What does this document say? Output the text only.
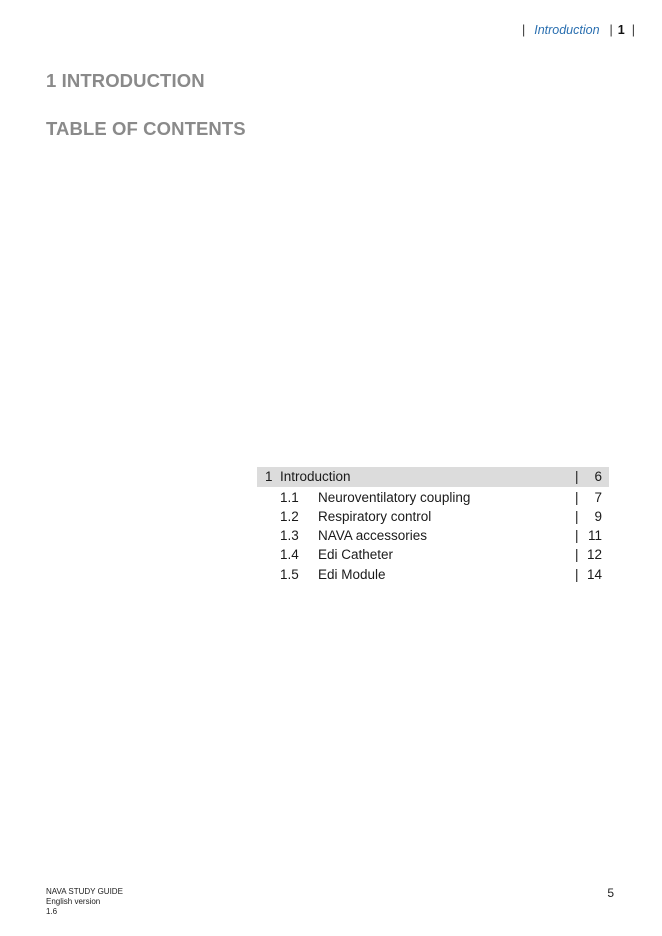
| Introduction | 1 |
1 INTRODUCTION
TABLE OF CONTENTS
1 Introduction	| 6
1.1 Neuroventilatory coupling	| 7
1.2 Respiratory control	| 9
1.3 NAVA accessories	| 11
1.4 Edi Catheter	| 12
1.5 Edi Module	| 14
NAVA STUDY GUIDE
English version
1.6
5
